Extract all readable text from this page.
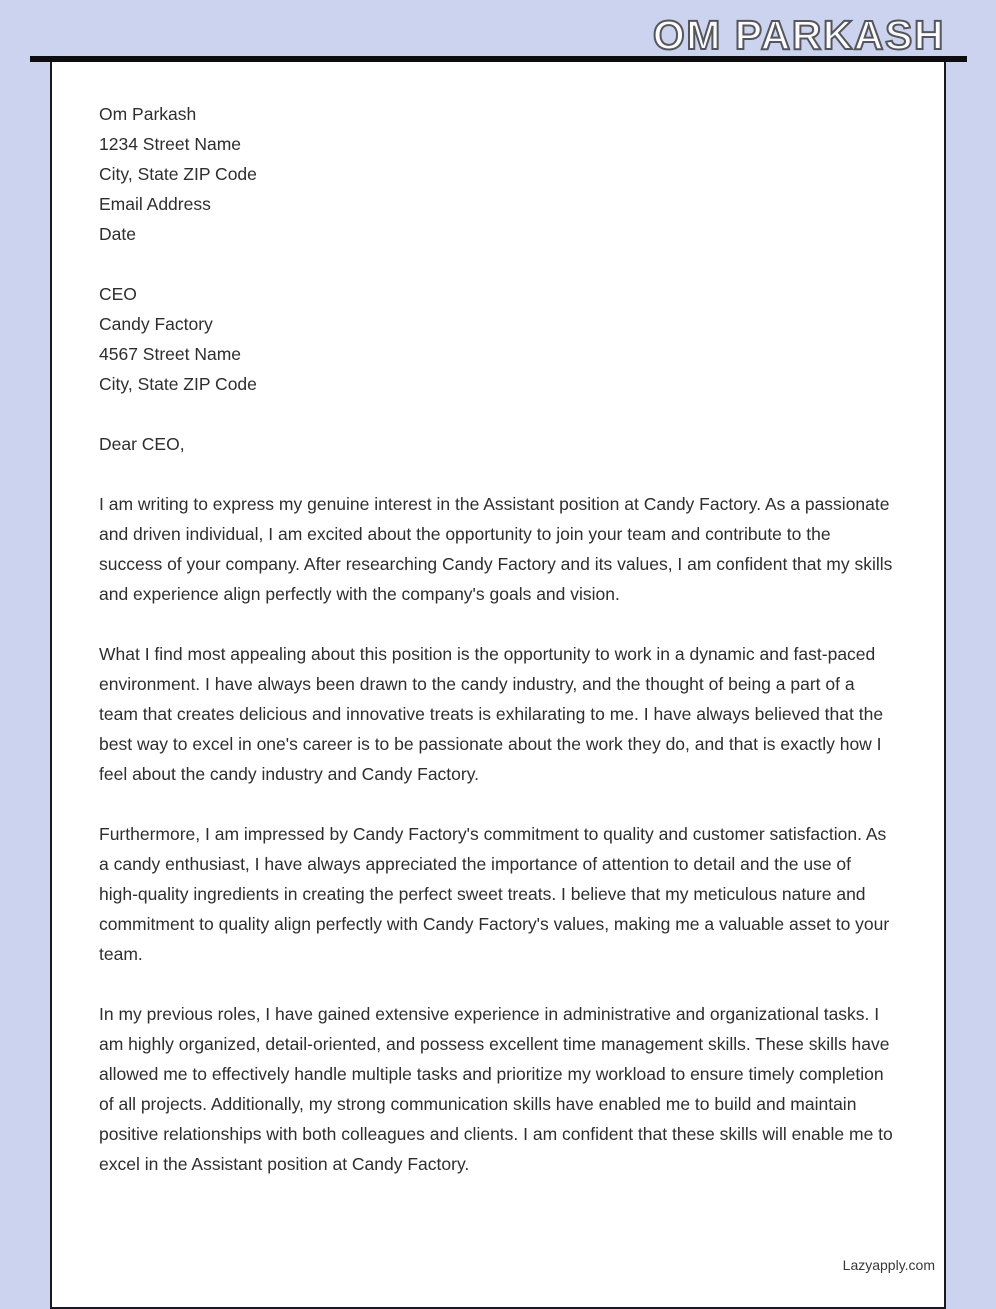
OM PARKASH
Om Parkash
1234 Street Name
City, State ZIP Code
Email Address
Date
CEO
Candy Factory
4567 Street Name
City, State ZIP Code
Dear CEO,

I am writing to express my genuine interest in the Assistant position at Candy Factory. As a passionate and driven individual, I am excited about the opportunity to join your team and contribute to the success of your company. After researching Candy Factory and its values, I am confident that my skills and experience align perfectly with the company's goals and vision.

What I find most appealing about this position is the opportunity to work in a dynamic and fast-paced environment. I have always been drawn to the candy industry, and the thought of being a part of a team that creates delicious and innovative treats is exhilarating to me. I have always believed that the best way to excel in one's career is to be passionate about the work they do, and that is exactly how I feel about the candy industry and Candy Factory.

Furthermore, I am impressed by Candy Factory's commitment to quality and customer satisfaction. As a candy enthusiast, I have always appreciated the importance of attention to detail and the use of high-quality ingredients in creating the perfect sweet treats. I believe that my meticulous nature and commitment to quality align perfectly with Candy Factory's values, making me a valuable asset to your team.

In my previous roles, I have gained extensive experience in administrative and organizational tasks. I am highly organized, detail-oriented, and possess excellent time management skills. These skills have allowed me to effectively handle multiple tasks and prioritize my workload to ensure timely completion of all projects. Additionally, my strong communication skills have enabled me to build and maintain positive relationships with both colleagues and clients. I am confident that these skills will enable me to excel in the Assistant position at Candy Factory.

Lazyapply.com
